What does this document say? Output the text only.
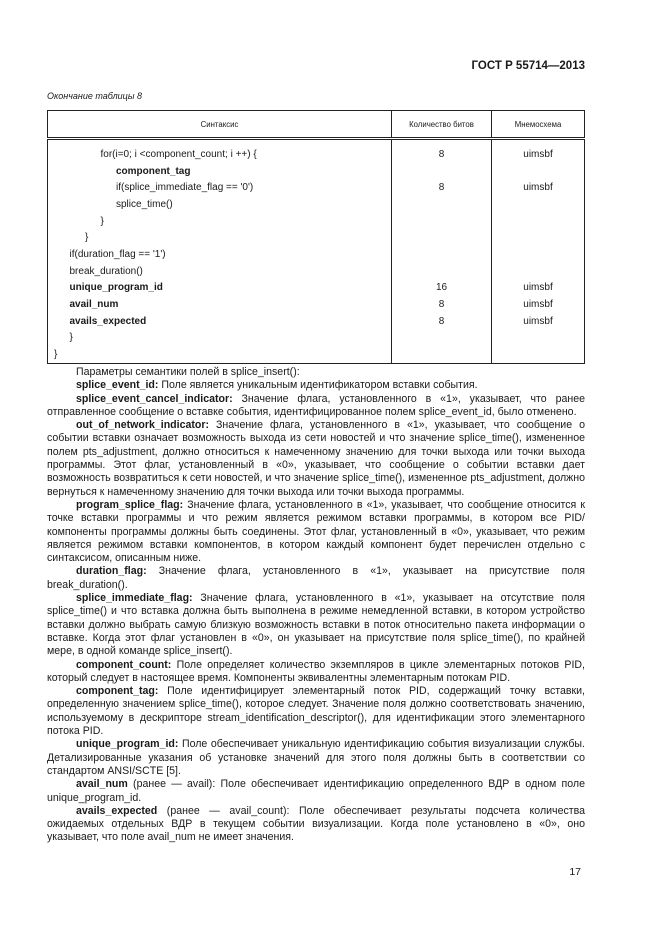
ГОСТ Р 55714—2013
Окончание таблицы 8
Синтаксис	Количество битов	Мнемосхема
for(i=0; i <component_count; i ++) {	8	uimsbf
component_tag		
if(splice_immediate_flag == '0')	8	uimsbf
splice_time()		
}		
}		
if(duration_flag == '1')		
break_duration()		
unique_program_id	16	uimsbf
avail_num	8	uimsbf
avails_expected	8	uimsbf
}		
}		

Параметры семантики полей в splice_insert():

splice_event_id: Поле является уникальным идентификатором вставки события.

splice_event_cancel_indicator: Значение флага, установленного в «1», указывает, что ранее отправленное сообщение о вставке события, идентифицированное полем splice_event_id, было отменено.

out_of_network_indicator: Значение флага, установленного в «1», указывает, что сообщение о событии вставки означает возможность выхода из сети новостей и что значение splice_time(), измененное полем pts_adjustment, должно относиться к намеченному значению для точки выхода или точки выхода программы. Этот флаг, установленный в «0», указывает, что сообщение о событии вставки дает возможность возвратиться к сети новостей, и что значение splice_time(), измененное pts_adjustment, должно вернуться к намеченному значению для точки выхода или точки выхода программы.

program_splice_flag: Значение флага, установленного в «1», указывает, что сообщение относится к точке вставки программы и что режим является режимом вставки программы, в котором все PID/компоненты программы должны быть соединены. Этот флаг, установленный в «0», указывает, что режим является режимом вставки компонентов, в котором каждый компонент будет перечислен отдельно с синтаксисом, описанным ниже.

duration_flag: Значение флага, установленного в «1», указывает на присутствие поля break_duration().

splice_immediate_flag: Значение флага, установленного в «1», указывает на отсутствие поля splice_time() и что вставка должна быть выполнена в режиме немедленной вставки, в котором устройство вставки должно выбрать самую близкую возможность вставки в поток относительно пакета информации о вставке. Когда этот флаг установлен в «0», он указывает на присутствие поля splice_time(), по крайней мере, в одной команде splice_insert().

component_count: Поле определяет количество экземпляров в цикле элементарных потоков PID, который следует в настоящее время. Компоненты эквивалентны элементарным потокам PID.

component_tag: Поле идентифицирует элементарный поток PID, содержащий точку вставки, определенную значением splice_time(), которое следует. Значение поля должно соответствовать значению, используемому в дескрипторе stream_identification_descriptor(), для идентификации этого элементарного потока PID.

unique_program_id: Поле обеспечивает уникальную идентификацию события визуализации службы. Детализированные указания об установке значений для этого поля должны быть в соответствии со стандартом ANSI/SCTE [5].

avail_num (ранее — avail): Поле обеспечивает идентификацию определенного ВДР в одном поле unique_program_id.

avails_expected (ранее — avail_count): Поле обеспечивает результаты подсчета количества ожидаемых отдельных ВДР в текущем событии визуализации. Когда поле установлено в «0», оно указывает, что поле avail_num не имеет значения.

17
